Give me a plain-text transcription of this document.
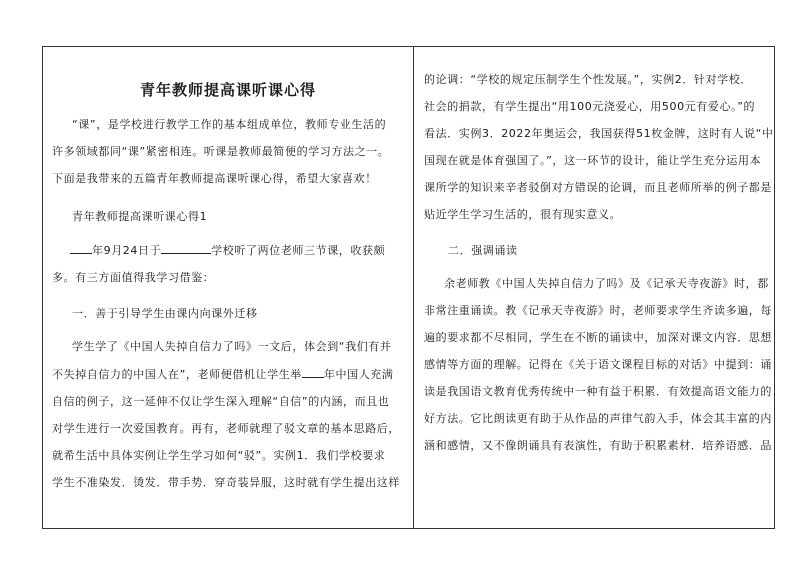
青年教师提高课听课心得
“课”，是学校进行教学工作的基本组成单位，教师专业生活的
许多领域都同“课”紧密相连。听课是教师最简便的学习方法之一。
下面是我带来的五篇青年教师提高课听课心得，希望大家喜欢！
青年教师提高课听课心得1
年9月24日于	学校听了两位老师三节课，收获颇
多。有三方面值得我学习借鉴：
一．善于引导学生由课内向课外迁移
学生学了《中国人失掉自信力了吗》一文后，体会到“我们有并
不失掉自信力的中国人在”，老师便借机让学生举 年中国人充满
自信的例子，这一延伸不仅让学生深入理解“自信”的内涵，而且也
对学生进行一次爱国教育。再有，老师就理了驳文章的基本思路后，
就希生活中具体实例让学生学习如何“驳”。实例1．我们学校要求
学生不准染发．烫发．带手势．穿奇装异服，这时就有学生提出这样
的论调：“学校的规定压制学生个性发展。”，实例2．针对学校．
社会的捐款，有学生提出“用100元浇爱心，用500元有爱心。”的
看法．实例3．2022年奥运会，我国获得51枚金牌，这时有人说“中
国现在就是体育强国了。”，这一环节的设计，能让学生充分运用本
课所学的知识来辛者驳倒对方错误的论调，而且老师所举的例子都是
贴近学生学习生活的，很有现实意义。
二．强调诵读
余老师教《中国人失掉自信力了吗》及《记承天寺夜游》时，都
非常注重诵读。教《记承天寺夜游》时，老师要求学生齐读多遍，每
遍的要求都不尽相同，学生在不断的诵读中，加深对课文内容．思想
感情等方面的理解。记得在《关于语文课程目标的对话》中提到：诵
读是我国语文教育优秀传统中一种有益于积累．有效提高语文能力的
好方法。它比朗读更有助于从作品的声律气韵入手，体会其丰富的内
涵和感情，又不像朗诵具有表演性，有助于积累素材．培养语感．品
